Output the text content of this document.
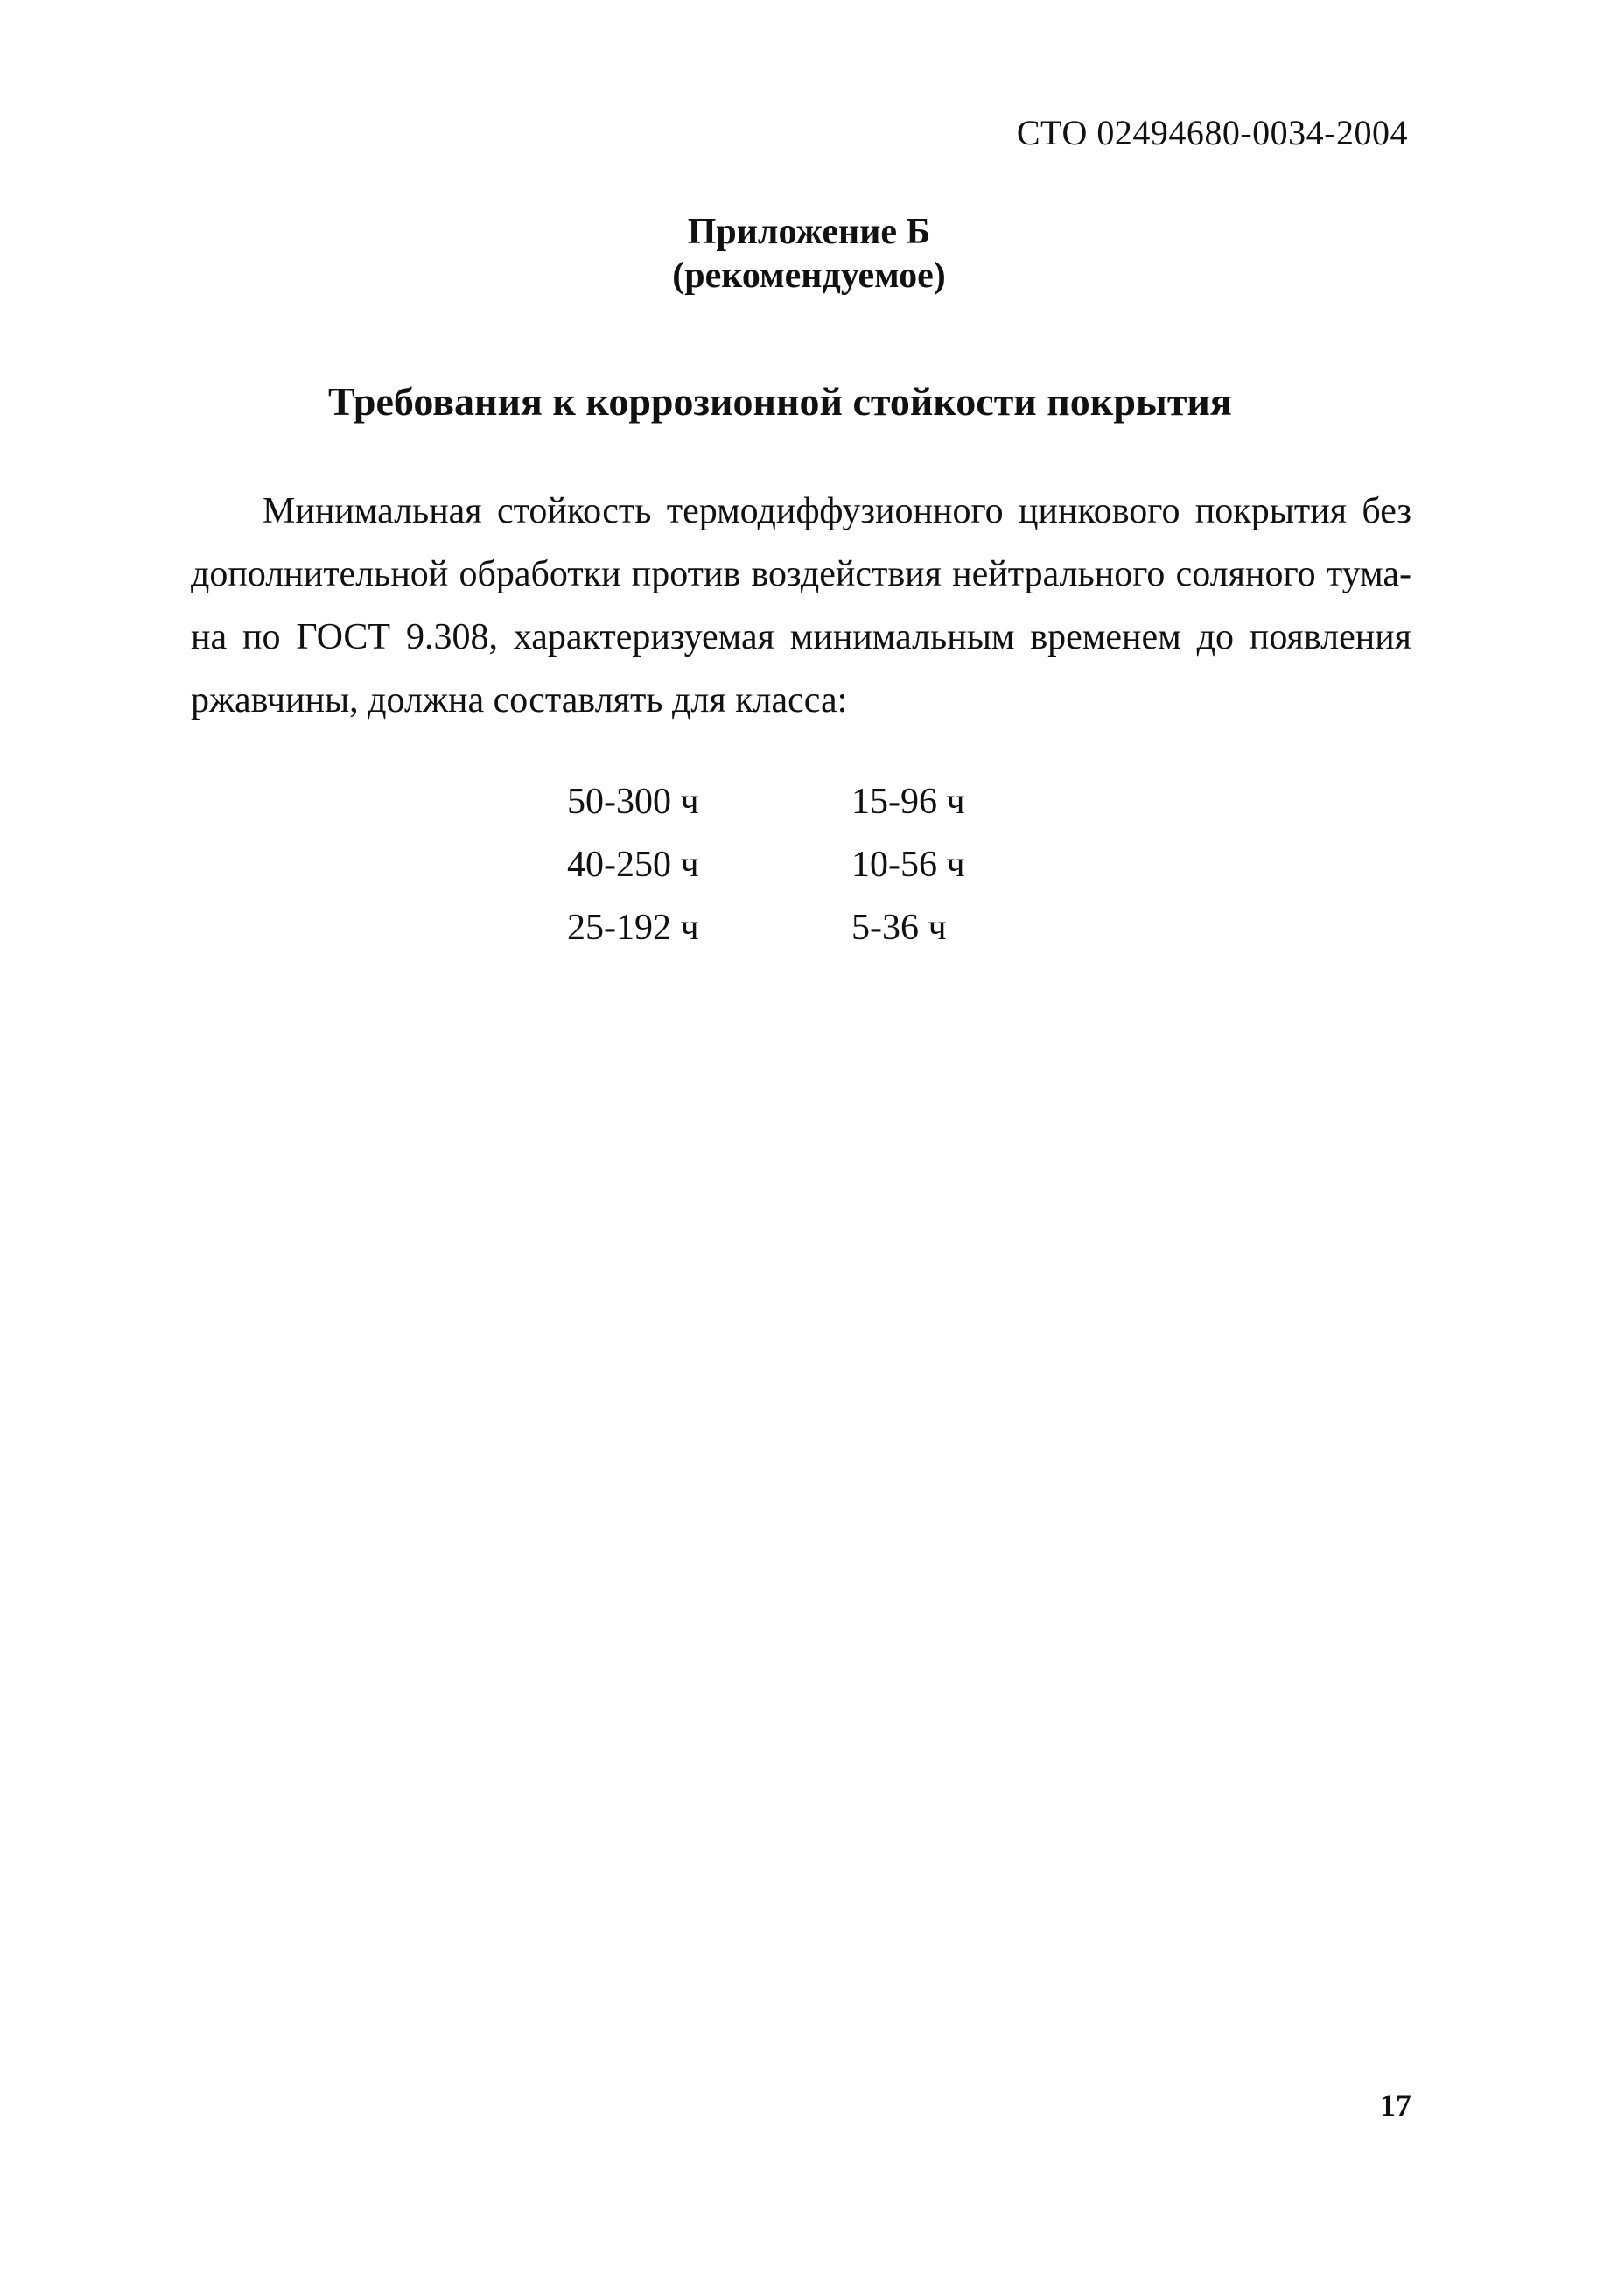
СТО 02494680-0034-2004
Приложение Б
(рекомендуемое)
Требования к коррозионной стойкости покрытия
Минимальная стойкость термодиффузионного цинкового покрытия без
дополнительной обработки против воздействия нейтрального соляного тума-
на по ГОСТ 9.308, характеризуемая минимальным временем до появления
ржавчины, должна составлять для класса:
50-300 ч	15-96 ч
40-250 ч	10-56 ч
25-192 ч	5-36 ч
17
